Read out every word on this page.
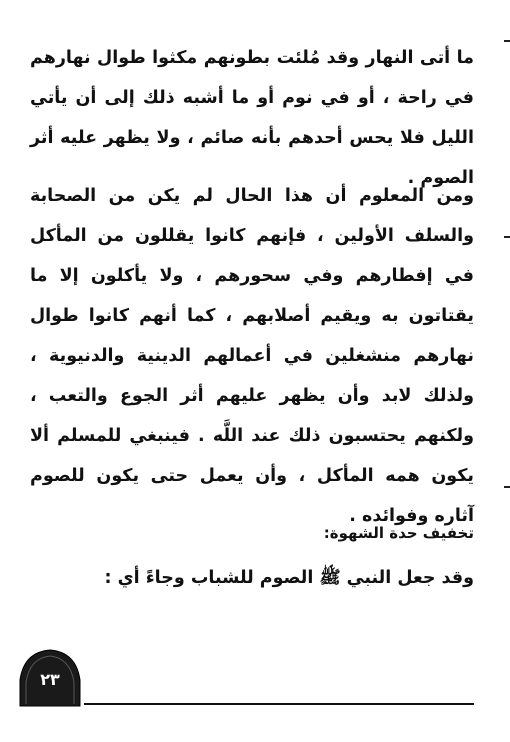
ما أتى النهار وقد مُلئت بطونهم مكثوا طوال نهارهم في راحة ، أو في نوم أو ما أشبه ذلك إلى أن يأتي الليل فلا يحس أحدهم بأنه صائم ، ولا يظهر عليه أثر الصوم .

ومن المعلوم أن هذا الحال لم يكن من الصحابة والسلف الأولين ، فإنهم كانوا يقللون من المأكل في إفطارهم وفي سحورهم ، ولا يأكلون إلا ما يقتاتون به ويقيم أصلابهم ، كما أنهم كانوا طوال نهارهم منشغلين في أعمالهم الدينية والدنيوية ، ولذلك لابد وأن يظهر عليهم أثر الجوع والتعب ، ولكنهم يحتسبون ذلك عند اللَّه . فينبغي للمسلم ألا يكون همه المأكل ، وأن يعمل حتى يكون للصوم آثاره وفوائده .

تخفيف حدة الشهوة:
وقد جعل النبي ﷺ الصوم للشباب وجاءً أي :
٢٣
